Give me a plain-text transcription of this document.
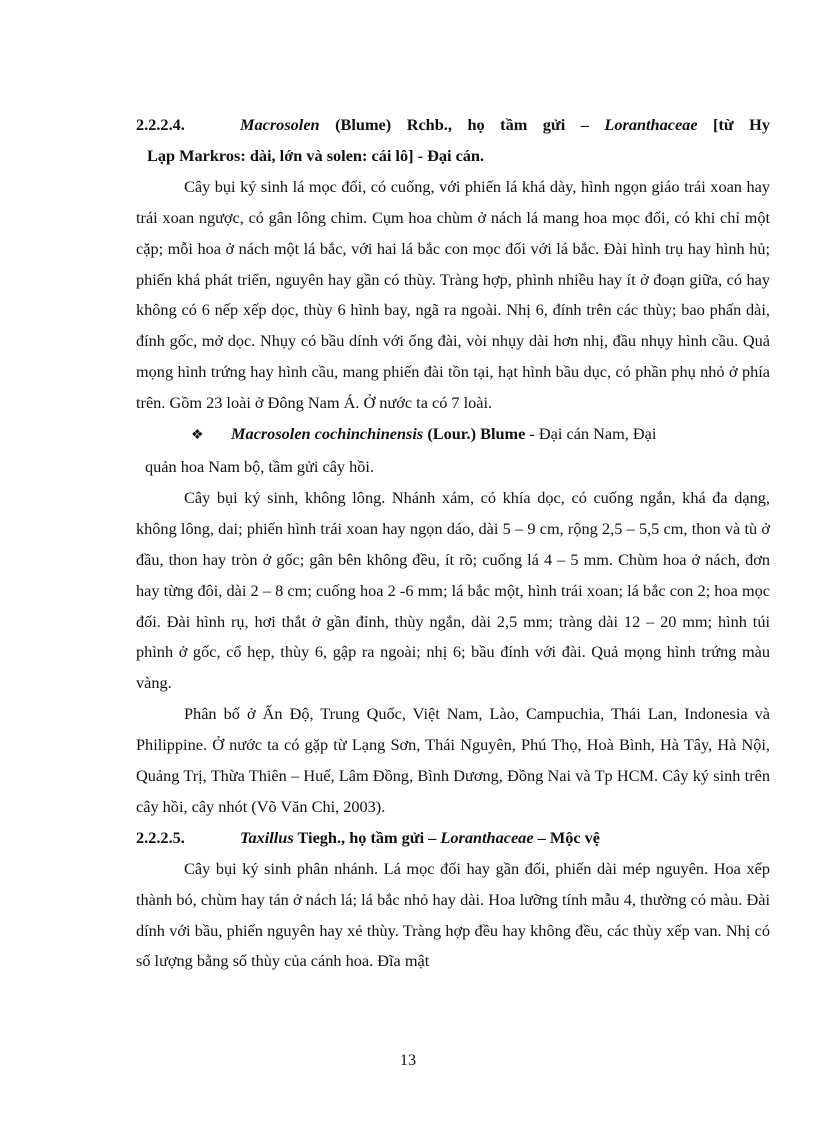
2.2.2.4.	Macrosolen (Blume) Rchb., họ tầm gửi – Loranthaceae [từ Hy
Lạp Markros: dài, lớn và solen: cái lô] - Đại cán.

Cây bụi ký sinh lá mọc đối, có cuống, với phiến lá khá dày, hình ngọn giáo trái xoan hay trái xoan ngược, có gân lông chim. Cụm hoa chùm ở nách lá mang hoa mọc đối, có khi chỉ một cặp; mỗi hoa ở nách một lá bắc, với hai lá bắc con mọc đối với lá bắc. Đài hình trụ hay hình hủ; phiến khá phát triển, nguyên hay gần có thùy. Tràng hợp, phình nhiều hay ít ở đoạn giữa, có hay không có 6 nếp xếp dọc, thùy 6 hình bay, ngã ra ngoài. Nhị 6, đính trên các thùy; bao phấn dài, đính gốc, mở dọc. Nhụy có bầu dính với ống đài, vòi nhụy dài hơn nhị, đầu nhụy hình cầu. Quả mọng hình trứng hay hình cầu, mang phiến đài tồn tại, hạt hình bầu dục, có phần phụ nhỏ ở phía trên. Gồm 23 loài ở Đông Nam Á. Ở nước ta có 7 loài.

❖ Macrosolen cochinchinensis (Lour.) Blume - Đại cán Nam, Đại

quản hoa Nam bộ, tầm gửi cây hồi.

Cây bụi ký sinh, không lông. Nhánh xám, có khía dọc, có cuống ngắn, khá đa dạng, không lông, dai; phiến hình trái xoan hay ngọn dáo, dài 5 – 9 cm, rộng 2,5 – 5,5 cm, thon và tù ở đầu, thon hay tròn ở gốc; gân bên không đều, ít rõ; cuống lá 4 – 5 mm. Chùm hoa ở nách, đơn hay từng đôi, dài 2 – 8 cm; cuống hoa 2 -6 mm; lá bắc một, hình trái xoan; lá bắc con 2; hoa mọc đối. Đài hình rụ, hơi thắt ở gần đỉnh, thùy ngắn, dài 2,5 mm; tràng dài 12 – 20 mm; hình túi phình ở gốc, cổ hẹp, thùy 6, gập ra ngoài; nhị 6; bầu đính với đài. Quả mọng hình trứng màu vàng.

Phân bố ở Ấn Độ, Trung Quốc, Việt Nam, Lào, Campuchia, Thái Lan, Indonesia và Philippine. Ở nước ta có gặp từ Lạng Sơn, Thái Nguyên, Phú Thọ, Hoà Bình, Hà Tây, Hà Nội, Quảng Trị, Thừa Thiên – Huế, Lâm Đồng, Bình Dương, Đồng Nai và Tp HCM. Cây ký sinh trên cây hồi, cây nhót (Võ Văn Chi, 2003).

2.2.2.5.	Taxillus Tiegh., họ tầm gửi – Loranthaceae – Mộc vệ

Cây bụi ký sinh phân nhánh. Lá mọc đối hay gần đối, phiến dài mép nguyên. Hoa xếp thành bó, chùm hay tán ở nách lá; lá bắc nhỏ hay dài. Hoa lưỡng tính mẫu 4, thường có màu. Đài dính với bầu, phiến nguyên hay xẻ thùy. Tràng hợp đều hay không đều, các thùy xếp van. Nhị có số lượng bằng số thùy của cánh hoa. Đĩa mật

13
